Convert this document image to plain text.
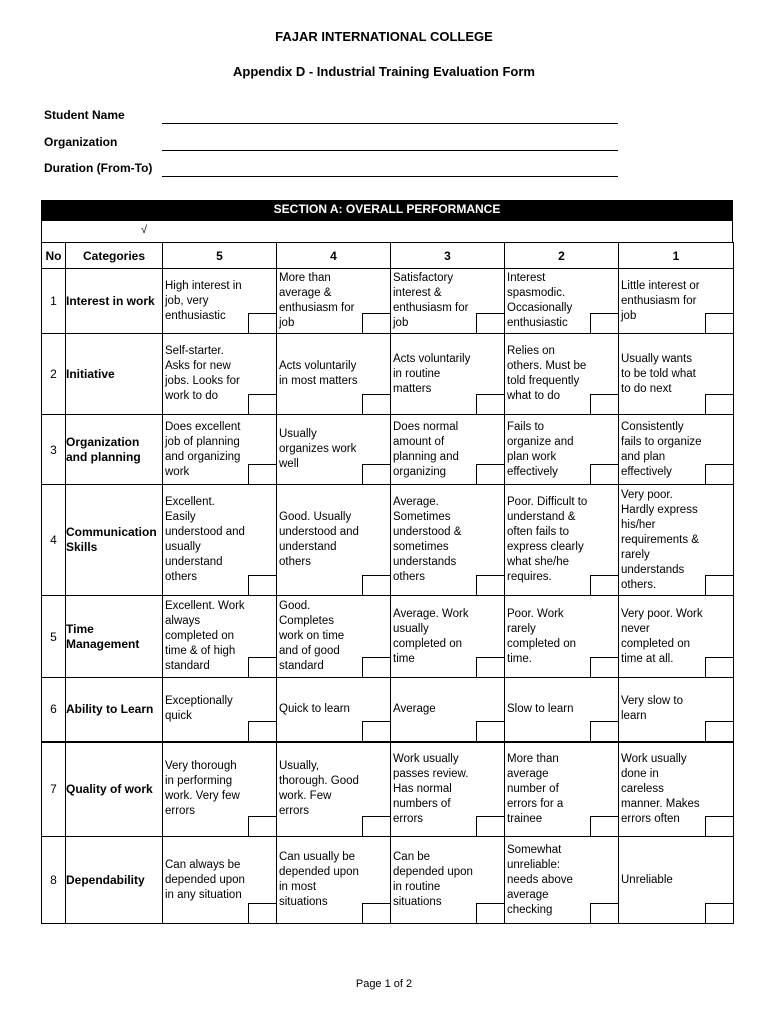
FAJAR INTERNATIONAL COLLEGE
Appendix D - Industrial Training Evaluation Form
Student Name
Organization
Duration (From-To)
SECTION A: OVERALL PERFORMANCE
√
No	Categories	5	4	3	2	1
1	Interest in work	High interest in job, very enthusiastic	More than average & enthusiasm for job	Satisfactory interest & enthusiasm for job	Interest spasmodic. Occasionally enthusiastic	Little interest or enthusiasm for job

2	Initiative	Self-starter. Asks for new jobs. Looks for work to do	Acts voluntarily in most matters	Acts voluntarily in routine matters	Relies on others. Must be told frequently what to do	Usually wants to be told what to do next

3	Organization and planning	Does excellent job of planning and organizing work	Usually organizes work well	Does normal amount of planning and organizing	Fails to organize and plan work effectively	Consistently fails to organize and plan effectively

4	Communication Skills	Excellent. Easily understood and usually understand others	Good. Usually understood and understand others	Average. Sometimes understood & sometimes understands others	Poor. Difficult to understand & often fails to express clearly what she/he requires.	Very poor. Hardly express his/her requirements & rarely understands others.

5	Time Management	Excellent. Work always completed on time & of high standard	Good. Completes work on time and of good standard	Average. Work usually completed on time	Poor. Work rarely completed on time.	Very poor. Work never completed on time at all.

6	Ability to Learn	Exceptionally quick	Quick to learn	Average	Slow to learn	Very slow to learn

7	Quality of work	Very thorough in performing work. Very few errors	Usually, thorough. Good work. Few errors	Work usually passes review. Has normal numbers of errors	More than average number of errors for a trainee	Work usually done in careless manner. Makes errors often

8	Dependability	Can always be depended upon in any situation	Can usually be depended upon in most situations	Can be depended upon in routine situations	Somewhat unreliable: needs above average checking	Unreliable
Page 1 of 2
